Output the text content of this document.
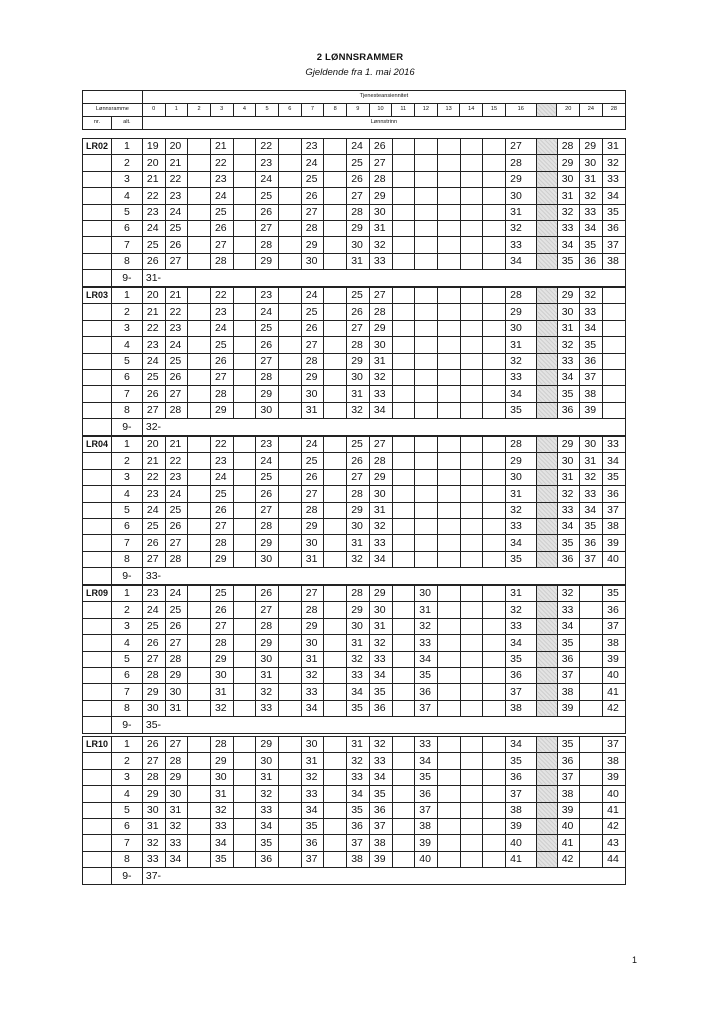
2 LØNNSRAMMER
Gjeldende fra 1. mai 2016
		Tjenesteansiennitet																				
Lønnsramme		0	1	2	3	4	5	6	7	8	9	10	11	12	13	14	15	16		20	24	28
nr.	alt.	Lønnstrinn																				
LR02	1	19	20		21		22		23		24	26						27		28	29	31
	2	20	21		22		23		24		25	27						28		29	30	32
	3	21	22		23		24		25		26	28						29		30	31	33
	4	22	23		24		25		26		27	29						30		31	32	34
	5	23	24		25		26		27		28	30						31		32	33	35
	6	24	25		26		27		28		29	31						32		33	34	36
	7	25	26		27		28		29		30	32						33		34	35	37
	8	26	27		28		29		30		31	33						34		35	36	38
	9-	31-																				
LR03	1	20	21		22		23		24		25	27						28		29	32	
	2	21	22		23		24		25		26	28						29		30	33	
	3	22	23		24		25		26		27	29						30		31	34	
	4	23	24		25		26		27		28	30						31		32	35	
	5	24	25		26		27		28		29	31						32		33	36	
	6	25	26		27		28		29		30	32						33		34	37	
	7	26	27		28		29		30		31	33						34		35	38	
	8	27	28		29		30		31		32	34						35		36	39	
	9-	32-																				
LR04	1	20	21		22		23		24		25	27						28		29	30	33
	2	21	22		23		24		25		26	28						29		30	31	34
	3	22	23		24		25		26		27	29						30		31	32	35
	4	23	24		25		26		27		28	30						31		32	33	36
	5	24	25		26		27		28		29	31						32		33	34	37
	6	25	26		27		28		29		30	32						33		34	35	38
	7	26	27		28		29		30		31	33						34		35	36	39
	8	27	28		29		30		31		32	34						35		36	37	40
	9-	33-																				
LR09	1	23	24		25		26		27		28	29		30				31		32		35
	2	24	25		26		27		28		29	30		31				32		33		36
	3	25	26		27		28		29		30	31		32				33		34		37
	4	26	27		28		29		30		31	32		33				34		35		38
	5	27	28		29		30		31		32	33		34				35		36		39
	6	28	29		30		31		32		33	34		35				36		37		40
	7	29	30		31		32		33		34	35		36				37		38		41
	8	30	31		32		33		34		35	36		37				38		39		42
	9-	35-																				
LR10	1	26	27		28		29		30		31	32		33				34		35		37
	2	27	28		29		30		31		32	33		34				35		36		38
	3	28	29		30		31		32		33	34		35				36		37		39
	4	29	30		31		32		33		34	35		36				37		38		40
	5	30	31		32		33		34		35	36		37				38		39		41
	6	31	32		33		34		35		36	37		38				39		40		42
	7	32	33		34		35		36		37	38		39				40		41		43
	8	33	34		35		36		37		38	39		40				41		42		44
	9-	37-																				
1
